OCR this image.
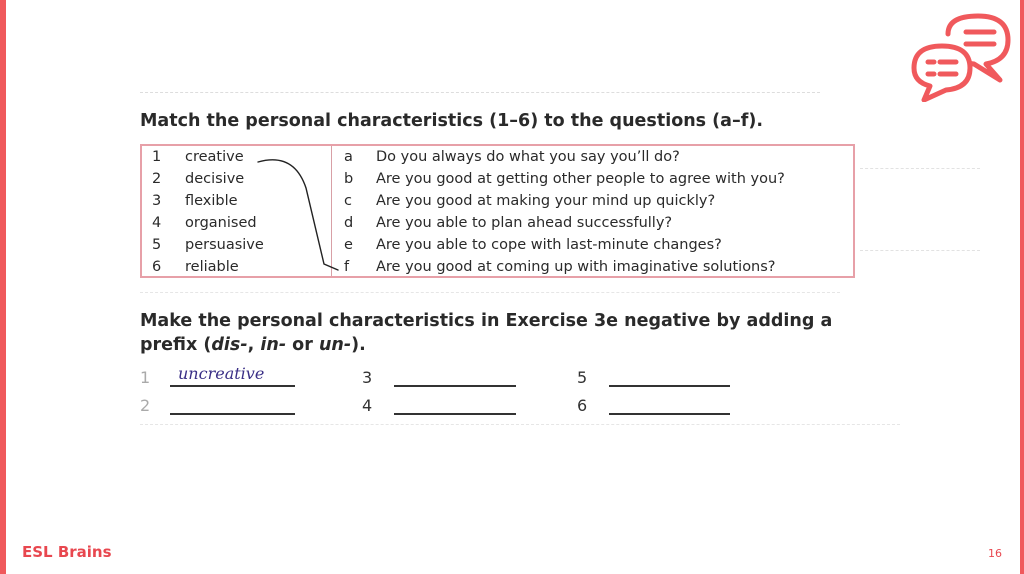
Match the personal characteristics (1–6) to the questions (a–f).
1	creative
2	decisive
3	flexible
4	organised
5	persuasive
6	reliable
a Do you always do what you say you’ll do?
b Are you good at getting other people to agree with you?
c Are you good at making your mind up quickly?
d Are you able to plan ahead successfully?
e Are you able to cope with last-minute changes?
f Are you good at coming up with imaginative solutions?
Make the personal characteristics in Exercise 3e negative by adding a
prefix (dis-, in- or un-).
1 uncreative
2
3
4
5
6
ESL Brains	16
